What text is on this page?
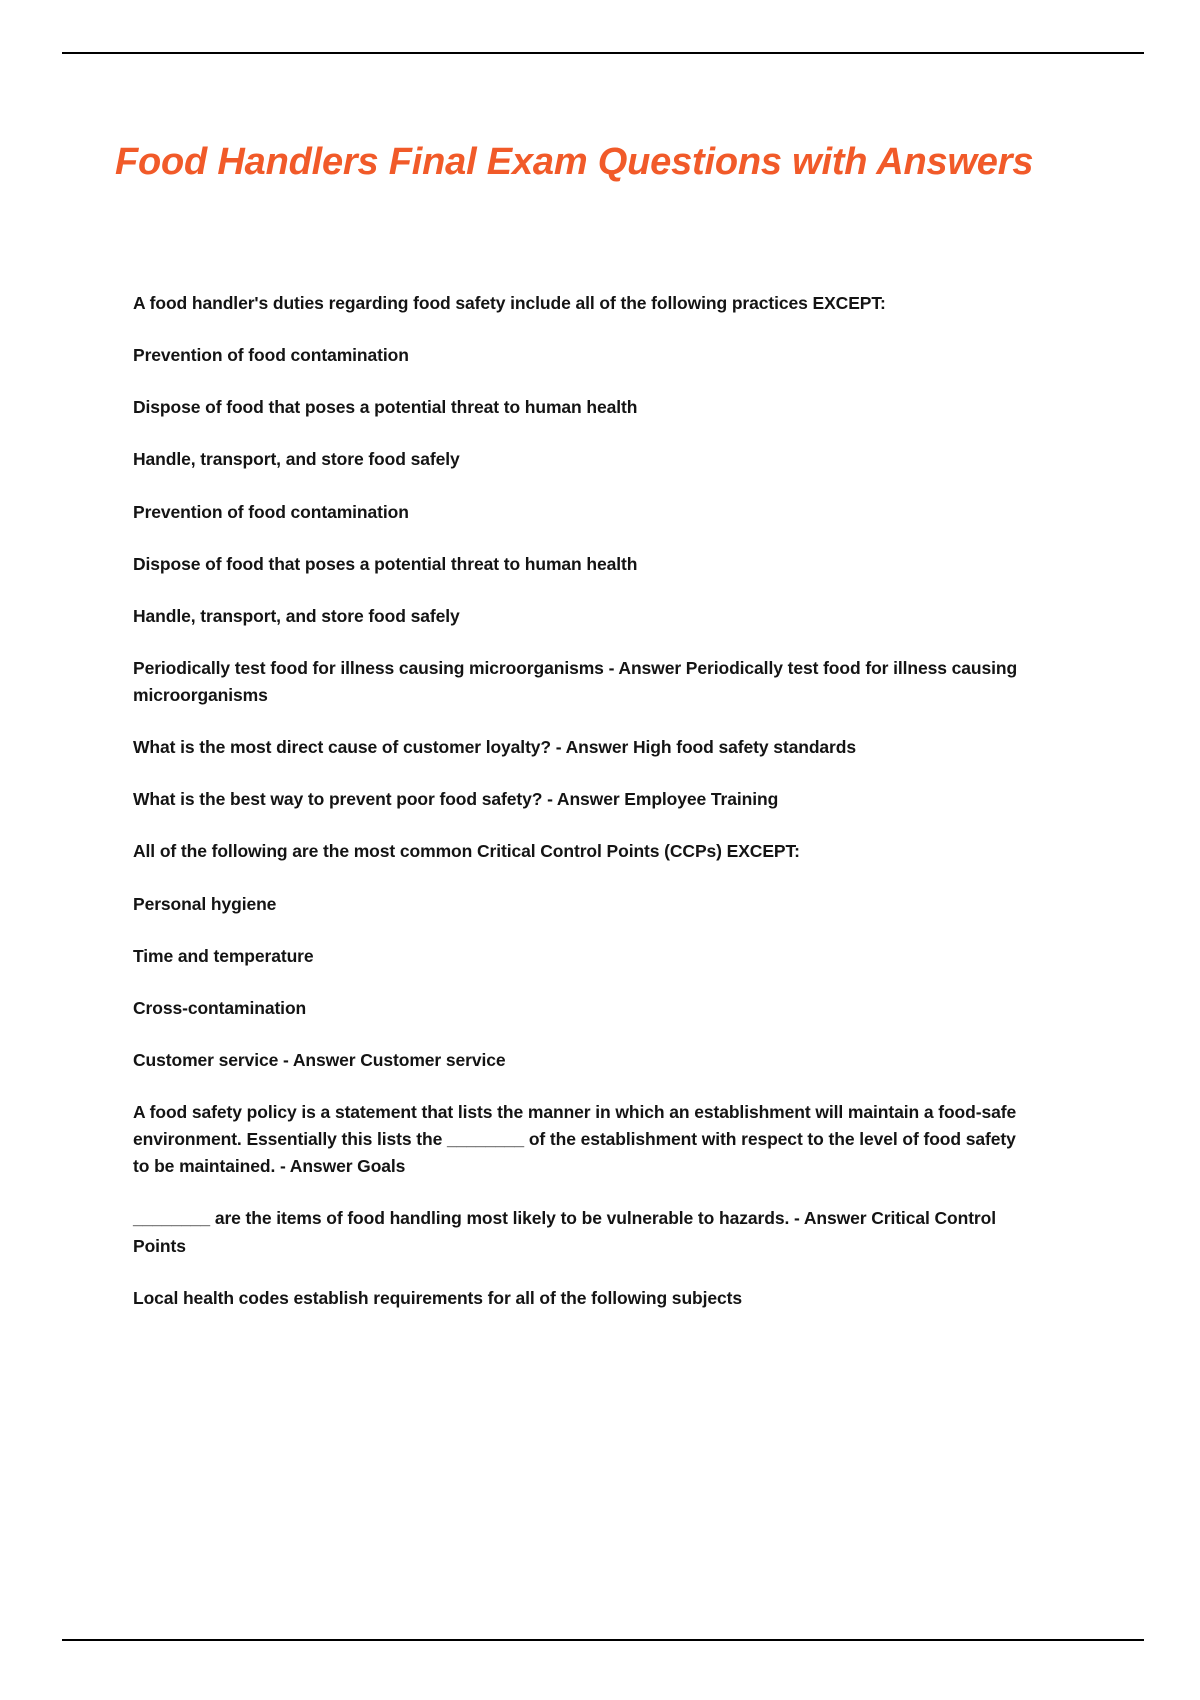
Food Handlers Final Exam Questions with Answers

A food handler's duties regarding food safety include all of the following practices EXCEPT:

Prevention of food contamination

Dispose of food that poses a potential threat to human health

Handle, transport, and store food safely

Prevention of food contamination

Dispose of food that poses a potential threat to human health

Handle, transport, and store food safely

Periodically test food for illness causing microorganisms - Answer Periodically test food for illness causing microorganisms

What is the most direct cause of customer loyalty? - Answer High food safety standards

What is the best way to prevent poor food safety? - Answer Employee Training

All of the following are the most common Critical Control Points (CCPs) EXCEPT:

Personal hygiene

Time and temperature

Cross-contamination

Customer service - Answer Customer service

A food safety policy is a statement that lists the manner in which an establishment will maintain a food-safe environment. Essentially this lists the ________ of the establishment with respect to the level of food safety to be maintained. - Answer Goals

________ are the items of food handling most likely to be vulnerable to hazards. - Answer Critical Control Points

Local health codes establish requirements for all of the following subjects
